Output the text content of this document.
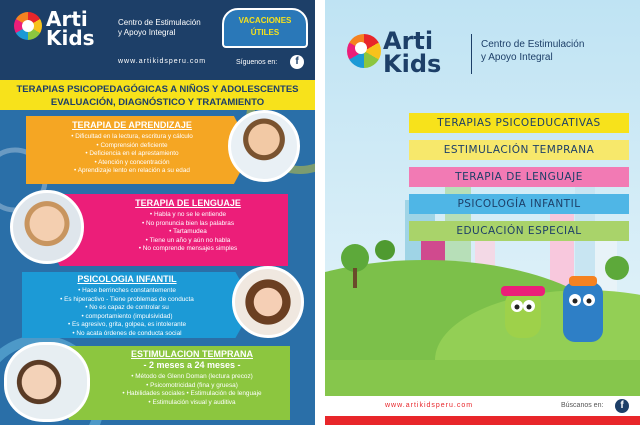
Arti
Kids
Centro de Estimulación
y Apoyo Integral
www.artikidsperu.com
VACACIONES
ÚTILES
Síguenos en:	f
TERAPIAS PSICOPEDAGÓGICAS A NIÑOS Y ADOLESCENTES
EVALUACIÓN, DIAGNÓSTICO Y TRATAMIENTO
TERAPIA DE APRENDIZAJE
• Dificultad en la lectura, escritura y cálculo
• Comprensión deficiente
• Deficiencia en el aprestamiento
• Atención y concentración
• Aprendizaje lento en relación a su edad
TERAPIA DE LENGUAJE
• Habla y no se le entiende
• No pronuncia bien las palabras
• Tartamudea
• Tiene un año y aún no habla
• No comprende mensajes simples
PSICOLOGIA INFANTIL
• Hace berrinches constantemente
• Es hiperactivo - Tiene problemas de conducta
• No es capaz de controlar su
• comportamiento (impulsividad)
• Es agresivo, grita, golpea, es intolerante
• No acata órdenes de conducta social
ESTIMULACION TEMPRANA
- 2 meses a 24 meses -
• Método de Glenn Doman (lectura precoz)
• Psicomotricidad (fina y gruesa)
• Habilidades sociales • Estimulación de lenguaje
• Estimulación visual y auditiva
Arti
Kids
Centro de Estimulación
y Apoyo Integral
TERAPIAS PSICOEDUCATIVAS
ESTIMULACIÓN TEMPRANA
TERAPIA DE LENGUAJE
PSICOLOGÍA INFANTIL
EDUCACIÓN ESPECIAL
www.artikidsperu.com	Búscanos en:	f
